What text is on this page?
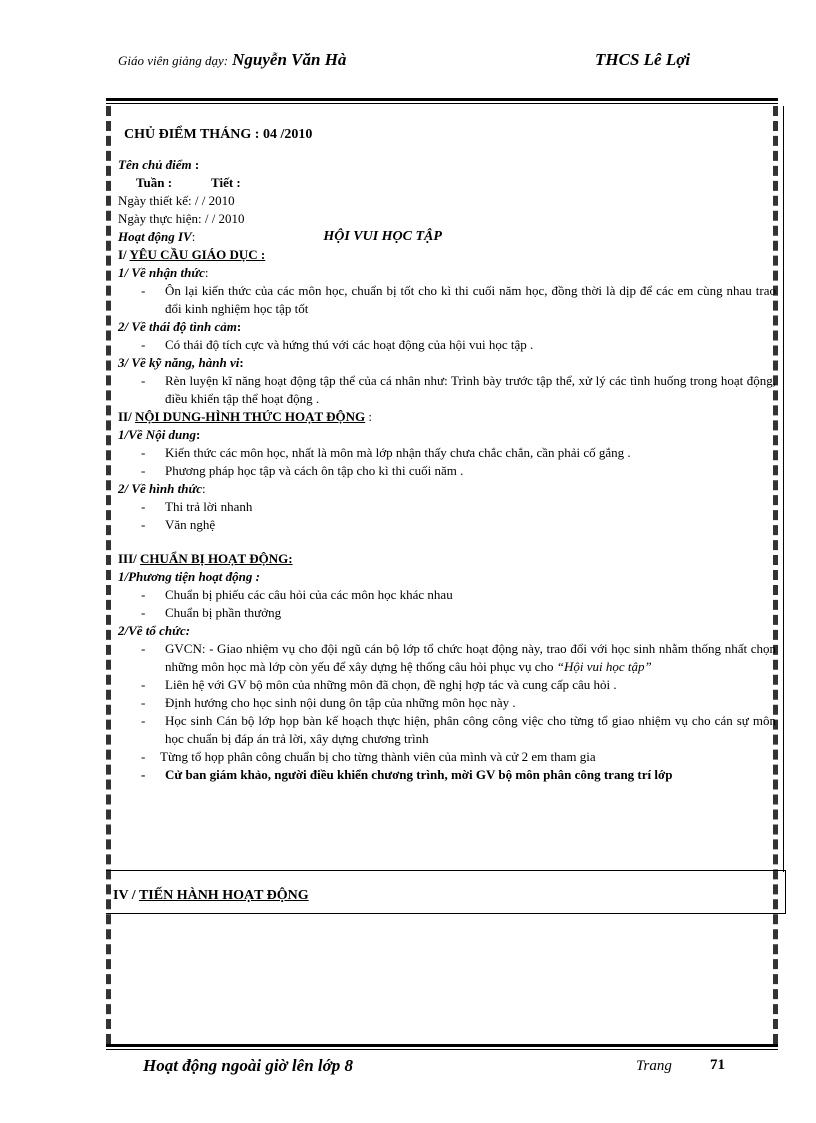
Giáo viên giảng dạy: Nguyễn Văn Hà	THCS Lê Lợi

CHỦ ĐIỂM THÁNG : 04 /2010

Tên chủ điểm :

Tuần :	Tiết :

Ngày thiết kế: / / 2010

Ngày thực hiện: / / 2010

Hoạt động IV:	HỘI VUI HỌC TẬP

I/ YÊU CẦU GIÁO DỤC :

1/ Về nhận thức:

- Ôn lại kiến thức của các môn học, chuẩn bị tốt cho kì thi cuối năm học, đồng thời là dịp để các em cùng nhau trao đổi kinh nghiệm học tập tốt

2/ Về thái độ tình cảm:

- Có thái độ tích cực và hứng thú với các hoạt động của hội vui học tập .

3/ Về kỹ năng, hành vi:

- Rèn luyện kĩ năng hoạt động tập thể của cá nhân như: Trình bày trước tập thể, xử lý các tình huống trong hoạt động, điều khiển tập thể hoạt động .

II/ NỘI DUNG-HÌNH THỨC HOẠT ĐỘNG :

1/Về Nội dung:

- Kiến thức các môn học, nhất là môn mà lớp nhận thấy chưa chắc chắn, cần phải cố gắng .

- Phương pháp học tập và cách ôn tập cho kì thi cuối năm .

2/ Về hình thức:

- Thi trả lời nhanh

- Văn nghệ

III/ CHUẨN BỊ HOẠT ĐỘNG:

1/Phương tiện hoạt động :

- Chuẩn bị phiếu các câu hỏi của các môn học khác nhau

- Chuẩn bị phần thưởng

2/Về tổ chức:

- GVCN: - Giao nhiệm vụ cho đội ngũ cán bộ lớp tổ chức hoạt động này, trao đổi với học sinh nhằm thống nhất chọn những môn học mà lớp còn yếu để xây dựng hệ thống câu hỏi phục vụ cho “Hội vui học tập”

- Liên hệ với GV bộ môn của những môn đã chọn, đề nghị hợp tác và cung cấp câu hỏi .

- Định hướng cho học sinh nội dung ôn tập của những môn học này .

- Học sinh Cán bộ lớp họp bàn kế hoạch thực hiện, phân công công việc cho từng tổ giao nhiệm vụ cho cán sự môn học chuẩn bị đáp án trả lời, xây dựng chương trình

- Từng tổ họp phân công chuẩn bị cho từng thành viên của mình và cử 2 em tham gia

- Cử ban giám khảo, người điều khiển chương trình, mời GV bộ môn phân công trang trí lớp

IV / TIẾN HÀNH HOẠT ĐỘNG
Hoạt động ngoài giờ lên lớp 8	Trang	71
